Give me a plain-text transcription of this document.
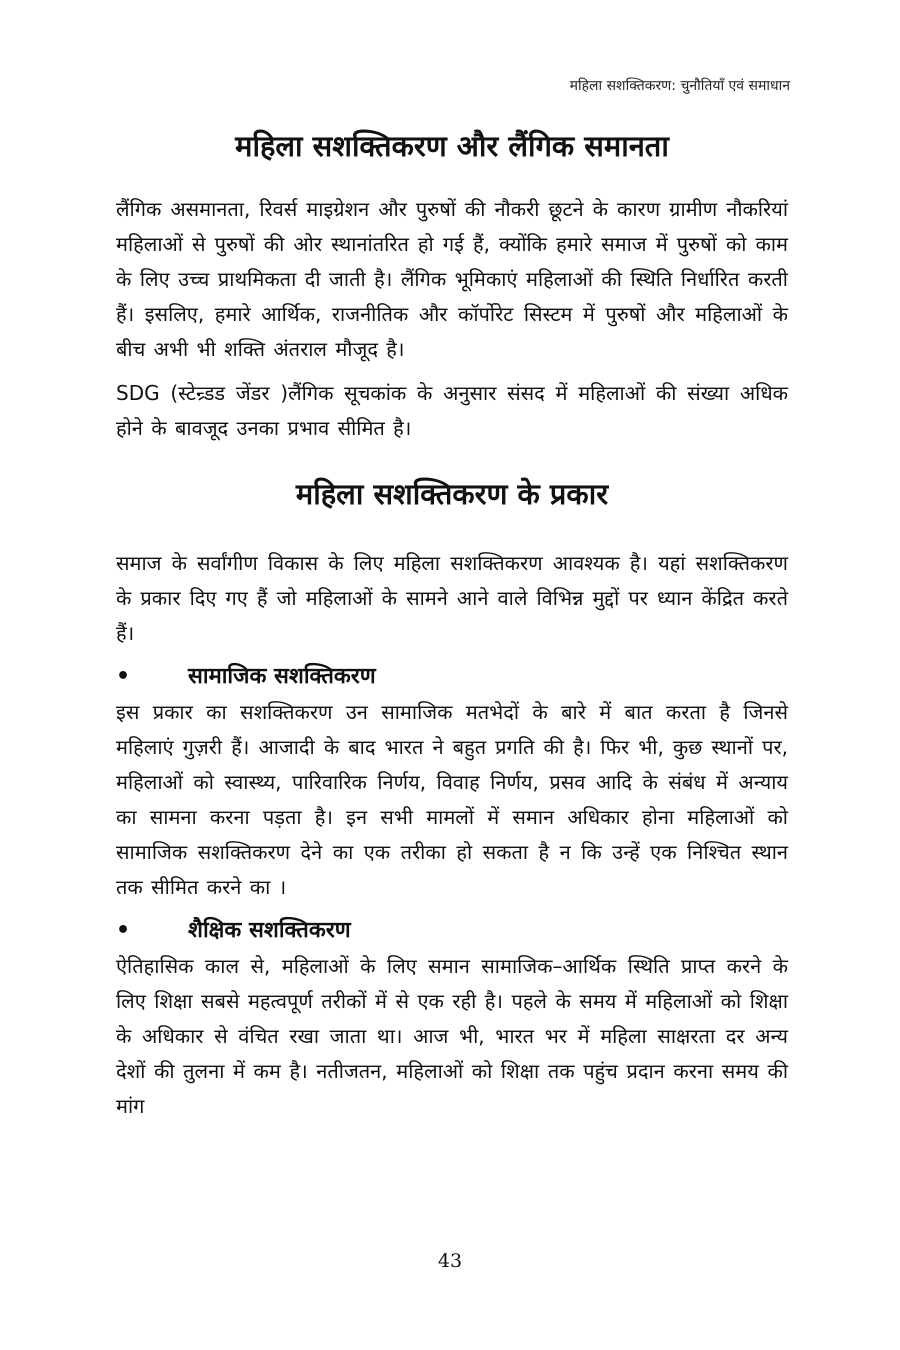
महिला सशक्तिकरण: चुनौतियाँ एवं समाधान
महिला सशक्तिकरण और लैंगिक समानता

लैंगिक असमानता, रिवर्स माइग्रेशन और पुरुषों की नौकरी छूटने के कारण ग्रामीण नौकरियां महिलाओं से पुरुषों की ओर स्थानांतरित हो गई हैं, क्योंकि हमारे समाज में पुरुषों को काम के लिए उच्च प्राथमिकता दी जाती है। लैंगिक भूमिकाएं महिलाओं की स्थिति निर्धारित करती हैं। इसलिए, हमारे आर्थिक, राजनीतिक और कॉर्पोरेट सिस्टम में पुरुषों और महिलाओं के बीच अभी भी शक्ति अंतराल मौजूद है।

SDG (स्टेन्र्डड जेंडर )लैंगिक सूचकांक के अनुसार संसद में महिलाओं की संख्या अधिक होने के बावजूद उनका प्रभाव सीमित है।

महिला सशक्तिकरण के प्रकार

समाज के सर्वांगीण विकास के लिए महिला सशक्तिकरण आवश्यक है। यहां सशक्तिकरण के प्रकार दिए गए हैं जो महिलाओं के सामने आने वाले विभिन्न मुद्दों पर ध्यान केंद्रित करते हैं।

•	सामाजिक सशक्तिकरण

इस प्रकार का सशक्तिकरण उन सामाजिक मतभेदों के बारे में बात करता है जिनसे महिलाएं गुज़री हैं। आजादी के बाद भारत ने बहुत प्रगति की है। फिर भी, कुछ स्थानों पर, महिलाओं को स्वास्थ्य, पारिवारिक निर्णय, विवाह निर्णय, प्रसव आदि के संबंध में अन्याय का सामना करना पड़ता है। इन सभी मामलों में समान अधिकार होना महिलाओं को सामाजिक सशक्तिकरण देने का एक तरीका हो सकता है न कि उन्हें एक निश्चित स्थान तक सीमित करने का ।

•	शैक्षिक सशक्तिकरण

ऐतिहासिक काल से, महिलाओं के लिए समान सामाजिक–आर्थिक स्थिति प्राप्त करने के लिए शिक्षा सबसे महत्वपूर्ण तरीकों में से एक रही है। पहले के समय में महिलाओं को शिक्षा के अधिकार से वंचित रखा जाता था। आज भी, भारत भर में महिला साक्षरता दर अन्य देशों की तुलना में कम है। नतीजतन, महिलाओं को शिक्षा तक पहुंच प्रदान करना समय की मांग

43
